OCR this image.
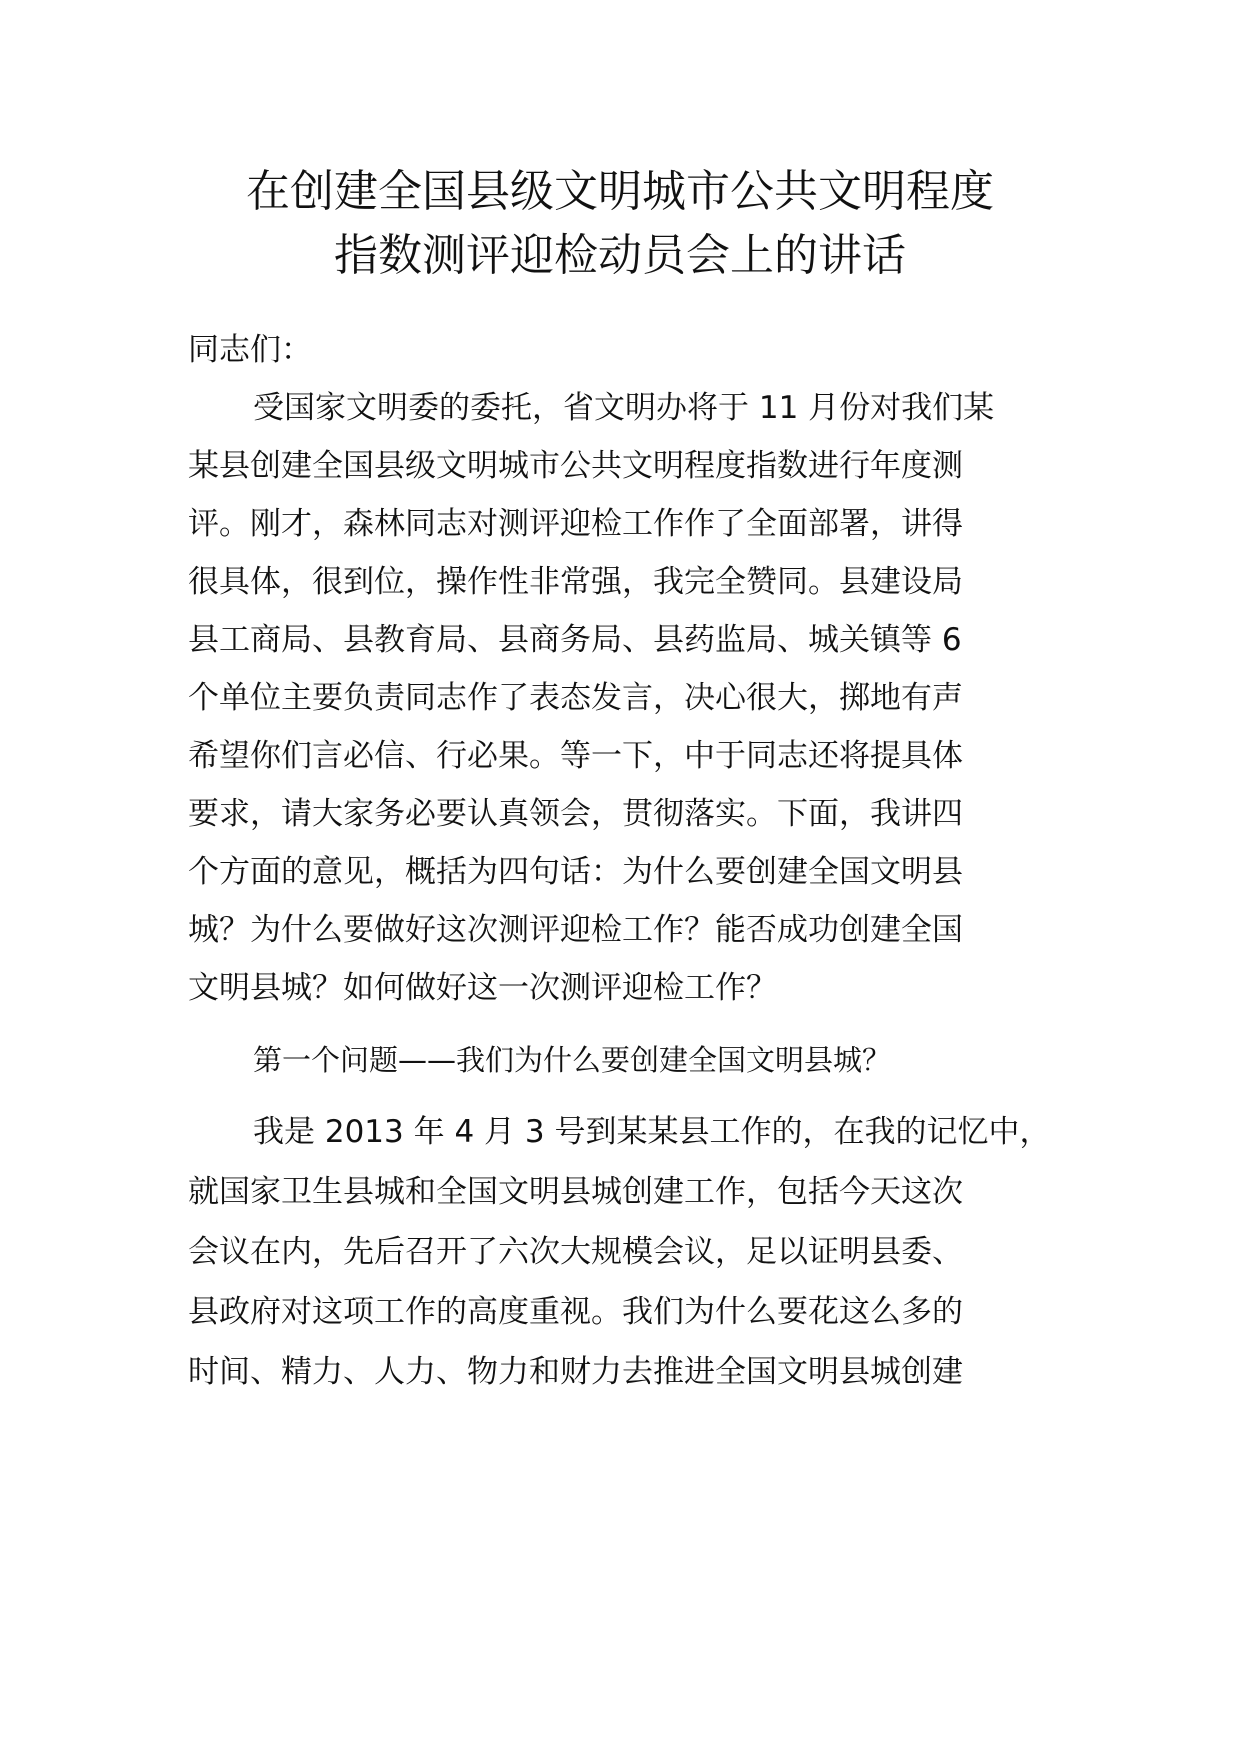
在创建全国县级文明城市公共文明程度
指数测评迎检动员会上的讲话
同志们：
受国家文明委的委托，省文明办将于 11 月份对我们某
某县创建全国县级文明城市公共文明程度指数进行年度测
评。刚才，森林同志对测评迎检工作作了全面部署，讲得
很具体，很到位，操作性非常强，我完全赞同。县建设局
县工商局、县教育局、县商务局、县药监局、城关镇等 6
个单位主要负责同志作了表态发言，决心很大，掷地有声
希望你们言必信、行必果。等一下，中于同志还将提具体
要求，请大家务必要认真领会，贯彻落实。下面，我讲四
个方面的意见，概括为四句话：为什么要创建全国文明县
城？为什么要做好这次测评迎检工作？能否成功创建全国
文明县城？如何做好这一次测评迎检工作？
第一个问题——我们为什么要创建全国文明县城？
我是 2013 年 4 月 3 号到某某县工作的，在我的记忆中，
就国家卫生县城和全国文明县城创建工作，包括今天这次
会议在内，先后召开了六次大规模会议，足以证明县委、
县政府对这项工作的高度重视。我们为什么要花这么多的
时间、精力、人力、物力和财力去推进全国文明县城创建
